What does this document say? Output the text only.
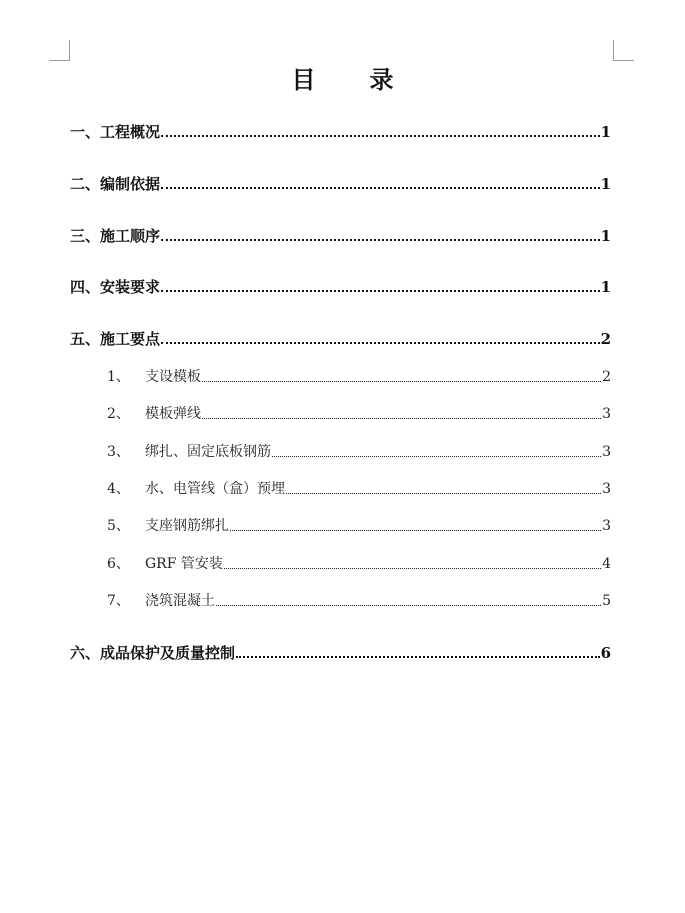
目录
一、 工程概况	1
二、 编制依据	1
三、 施工顺序	1
四、 安装要求	1
五、 施工要点	2
1、	支设模板	2
2、	模板弹线	3
3、	绑扎、固定底板钢筋	3
4、	水、电管线（盒）预埋	3
5、	支座钢筋绑扎	3
6、	GRF 管安装	4
7、	浇筑混凝土	5
六、 成品保护及质量控制	6
